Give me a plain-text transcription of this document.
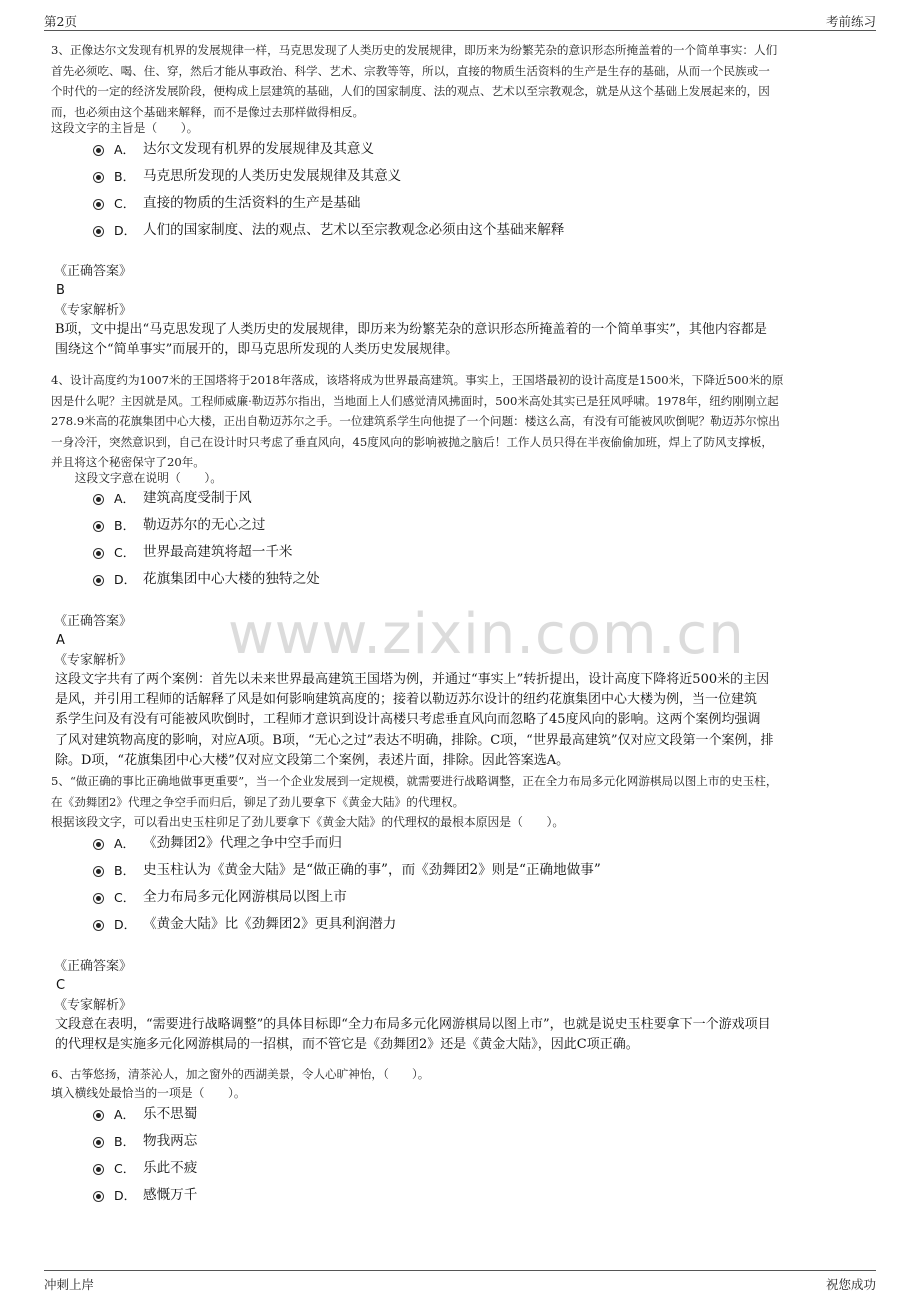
第2页	考前练习
www.zixin.com.cn

3、正像达尔文发现有机界的发展规律一样，马克思发现了人类历史的发展规律，即历来为纷繁芜杂的意识形态所掩盖着的一个简单事实：人们

首先必须吃、喝、住、穿，然后才能从事政治、科学、艺术、宗教等等，所以，直接的物质生活资料的生产是生存的基础，从而一个民族或一

个时代的一定的经济发展阶段，便构成上层建筑的基础，人们的国家制度、法的观点、艺术以至宗教观念，就是从这个基础上发展起来的，因

而，也必须由这个基础来解释，而不是像过去那样做得相反。

这段文字的主旨是（　　）。

A． 达尔文发现有机界的发展规律及其意义
B． 马克思所发现的人类历史发展规律及其意义
C． 直接的物质的生活资料的生产是基础
D． 人们的国家制度、法的观点、艺术以至宗教观念必须由这个基础来解释

《正确答案》

B

《专家解析》

B项，文中提出“马克思发现了人类历史的发展规律，即历来为纷繁芜杂的意识形态所掩盖着的一个简单事实”，其他内容都是

围绕这个“简单事实”而展开的，即马克思所发现的人类历史发展规律。

4、设计高度约为1007米的王国塔将于2018年落成，该塔将成为世界最高建筑。事实上，王国塔最初的设计高度是1500米，下降近500米的原

因是什么呢？主因就是风。工程师威廉·勒迈苏尔指出，当地面上人们感觉清风拂面时，500米高处其实已是狂风呼啸。1978年，纽约刚刚立起

278.9米高的花旗集团中心大楼，正出自勒迈苏尔之手。一位建筑系学生向他提了一个问题：楼这么高，有没有可能被风吹倒呢？勒迈苏尔惊出

一身冷汗，突然意识到，自己在设计时只考虑了垂直风向，45度风向的影响被抛之脑后！工作人员只得在半夜偷偷加班，焊上了防风支撑板，

并且将这个秘密保守了20年。

　　这段文字意在说明（　　）。

A． 建筑高度受制于风
B． 勒迈苏尔的无心之过
C． 世界最高建筑将超一千米
D． 花旗集团中心大楼的独特之处

《正确答案》

A

《专家解析》

这段文字共有了两个案例：首先以未来世界最高建筑王国塔为例，并通过“事实上”转折提出，设计高度下降将近500米的主因

是风，并引用工程师的话解释了风是如何影响建筑高度的；接着以勒迈苏尔设计的纽约花旗集团中心大楼为例，当一位建筑

系学生问及有没有可能被风吹倒时，工程师才意识到设计高楼只考虑垂直风向而忽略了45度风向的影响。这两个案例均强调

了风对建筑物高度的影响，对应A项。B项，“无心之过”表达不明确，排除。C项，“世界最高建筑”仅对应文段第一个案例，排

除。D项，“花旗集团中心大楼”仅对应文段第二个案例，表述片面，排除。因此答案选A。

5、“做正确的事比正确地做事更重要”，当一个企业发展到一定规模，就需要进行战略调整，正在全力布局多元化网游棋局以图上市的史玉柱，

在《劲舞团2》代理之争空手而归后，铆足了劲儿要拿下《黄金大陆》的代理权。

根据该段文字，可以看出史玉柱卯足了劲儿要拿下《黄金大陆》的代理权的最根本原因是（　　）。

A． 《劲舞团2》代理之争中空手而归
B． 史玉柱认为《黄金大陆》是“做正确的事”，而《劲舞团2》则是“正确地做事”
C． 全力布局多元化网游棋局以图上市
D． 《黄金大陆》比《劲舞团2》更具利润潜力

《正确答案》

C

《专家解析》

文段意在表明，“需要进行战略调整”的具体目标即“全力布局多元化网游棋局以图上市”，也就是说史玉柱要拿下一个游戏项目

的代理权是实施多元化网游棋局的一招棋，而不管它是《劲舞团2》还是《黄金大陆》，因此C项正确。

6、古筝悠扬，清茶沁人，加之窗外的西湖美景，令人心旷神怡，（　　）。

填入横线处最恰当的一项是（　　）。

A． 乐不思蜀
B． 物我两忘
C． 乐此不疲
D． 感慨万千
冲刺上岸	祝您成功
